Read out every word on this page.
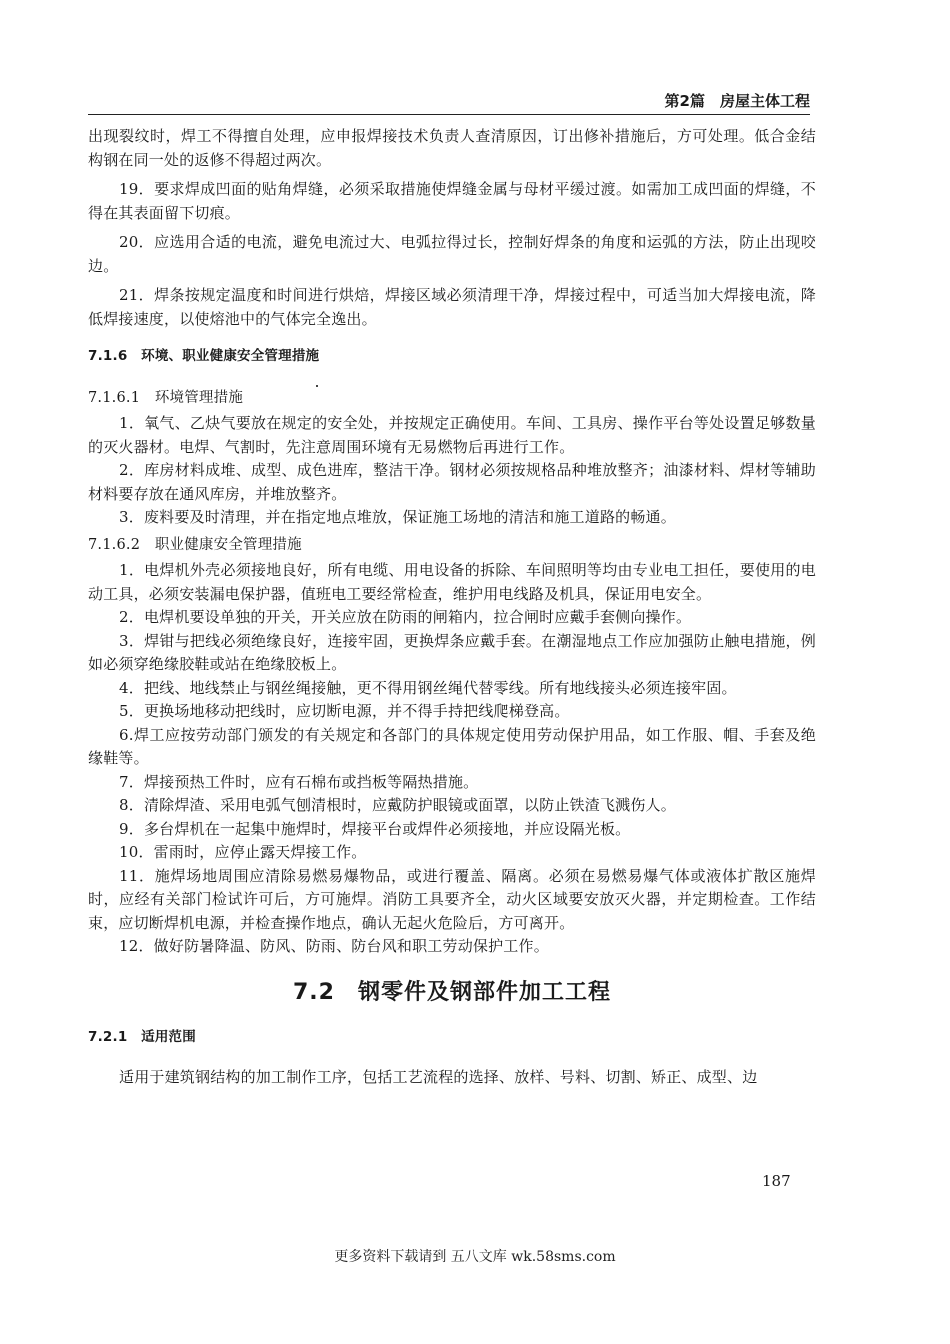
第2篇　房屋主体工程

出现裂纹时，焊工不得擅自处理，应申报焊接技术负责人查清原因，订出修补措施后，方可处理。低合金结构钢在同一处的返修不得超过两次。

19．要求焊成凹面的贴角焊缝，必须采取措施使焊缝金属与母材平缓过渡。如需加工成凹面的焊缝，不得在其表面留下切痕。

20．应选用合适的电流，避免电流过大、电弧拉得过长，控制好焊条的角度和运弧的方法，防止出现咬边。

21．焊条按规定温度和时间进行烘焙，焊接区域必须清理干净，焊接过程中，可适当加大焊接电流，降低焊接速度，以使熔池中的气体完全逸出。

7.1.6　环境、职业健康安全管理措施
7.1.6.1　环境管理措施

1．氧气、乙炔气要放在规定的安全处，并按规定正确使用。车间、工具房、操作平台等处设置足够数量的灭火器材。电焊、气割时，先注意周围环境有无易燃物后再进行工作。

2．库房材料成堆、成型、成色进库，整洁干净。钢材必须按规格品种堆放整齐；油漆材料、焊材等辅助材料要存放在通风库房，并堆放整齐。

3．废料要及时清理，并在指定地点堆放，保证施工场地的清洁和施工道路的畅通。

7.1.6.2　职业健康安全管理措施

1．电焊机外壳必须接地良好，所有电缆、用电设备的拆除、车间照明等均由专业电工担任，要使用的电动工具，必须安装漏电保护器，值班电工要经常检查，维护用电线路及机具，保证用电安全。

2．电焊机要设单独的开关，开关应放在防雨的闸箱内，拉合闸时应戴手套侧向操作。

3．焊钳与把线必须绝缘良好，连接牢固，更换焊条应戴手套。在潮湿地点工作应加强防止触电措施，例如必须穿绝缘胶鞋或站在绝缘胶板上。

4．把线、地线禁止与钢丝绳接触，更不得用钢丝绳代替零线。所有地线接头必须连接牢固。

5．更换场地移动把线时，应切断电源，并不得手持把线爬梯登高。

6.焊工应按劳动部门颁发的有关规定和各部门的具体规定使用劳动保护用品，如工作服、帽、手套及绝缘鞋等。

7．焊接预热工件时，应有石棉布或挡板等隔热措施。

8．清除焊渣、采用电弧气刨清根时，应戴防护眼镜或面罩，以防止铁渣飞溅伤人。

9．多台焊机在一起集中施焊时，焊接平台或焊件必须接地，并应设隔光板。

10．雷雨时，应停止露天焊接工作。

11．施焊场地周围应清除易燃易爆物品，或进行覆盖、隔离。必须在易燃易爆气体或液体扩散区施焊时，应经有关部门检试许可后，方可施焊。消防工具要齐全，动火区域要安放灭火器，并定期检查。工作结束，应切断焊机电源，并检查操作地点，确认无起火危险后，方可离开。

12．做好防暑降温、防风、防雨、防台风和职工劳动保护工作。

7.2　钢零件及钢部件加工工程
7.2.1　适用范围

适用于建筑钢结构的加工制作工序，包括工艺流程的选择、放样、号料、切割、矫正、成型、边

187
更多资料下载请到 五八文库 wk.58sms.com
